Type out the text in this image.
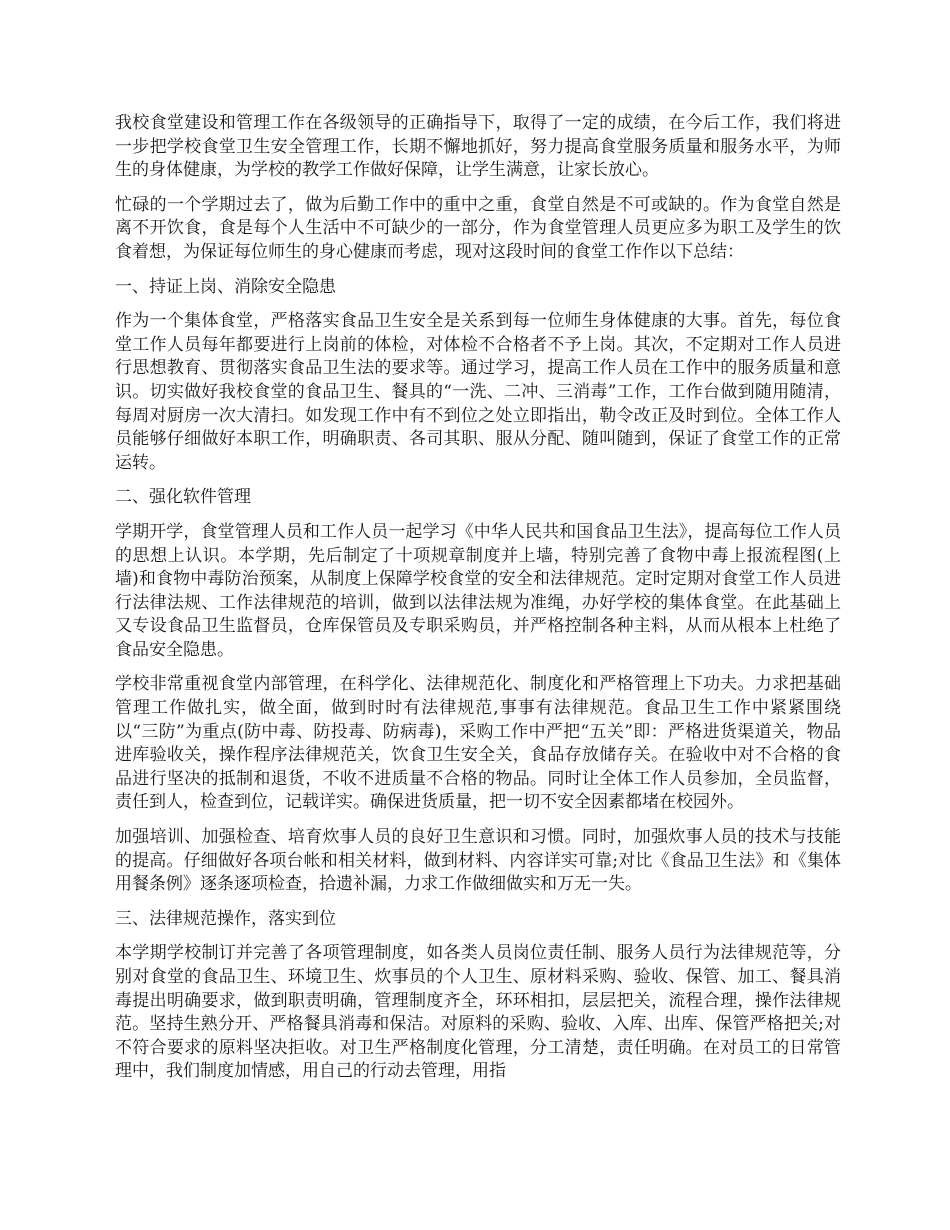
我校食堂建设和管理工作在各级领导的正确指导下，取得了一定的成绩，在今后工作，我们将进一步把学校食堂卫生安全管理工作，长期不懈地抓好，努力提高食堂服务质量和服务水平，为师生的身体健康，为学校的教学工作做好保障，让学生满意，让家长放心。

忙碌的一个学期过去了，做为后勤工作中的重中之重，食堂自然是不可或缺的。作为食堂自然是离不开饮食，食是每个人生活中不可缺少的一部分，作为食堂管理人员更应多为职工及学生的饮食着想，为保证每位师生的身心健康而考虑，现对这段时间的食堂工作作以下总结：

一、持证上岗、消除安全隐患

作为一个集体食堂，严格落实食品卫生安全是关系到每一位师生身体健康的大事。首先，每位食堂工作人员每年都要进行上岗前的体检，对体检不合格者不予上岗。其次，不定期对工作人员进行思想教育、贯彻落实食品卫生法的要求等。通过学习，提高工作人员在工作中的服务质量和意识。切实做好我校食堂的食品卫生、餐具的“一洗、二冲、三消毒”工作，工作台做到随用随清，每周对厨房一次大清扫。如发现工作中有不到位之处立即指出，勒令改正及时到位。全体工作人员能够仔细做好本职工作，明确职责、各司其职、服从分配、随叫随到，保证了食堂工作的正常运转。

二、强化软件管理

学期开学，食堂管理人员和工作人员一起学习《中华人民共和国食品卫生法》，提高每位工作人员的思想上认识。本学期，先后制定了十项规章制度并上墙，特别完善了食物中毒上报流程图(上墙)和食物中毒防治预案，从制度上保障学校食堂的安全和法律规范。定时定期对食堂工作人员进行法律法规、工作法律规范的培训，做到以法律法规为准绳，办好学校的集体食堂。在此基础上又专设食品卫生监督员，仓库保管员及专职采购员，并严格控制各种主料，从而从根本上杜绝了食品安全隐患。

学校非常重视食堂内部管理，在科学化、法律规范化、制度化和严格管理上下功夫。力求把基础管理工作做扎实，做全面，做到时时有法律规范,事事有法律规范。食品卫生工作中紧紧围绕以“三防”为重点(防中毒、防投毒、防病毒)，采购工作中严把“五关”即：严格进货渠道关，物品进库验收关，操作程序法律规范关，饮食卫生安全关，食品存放储存关。在验收中对不合格的食品进行坚决的抵制和退货，不收不进质量不合格的物品。同时让全体工作人员参加，全员监督，责任到人，检查到位，记载详实。确保进货质量，把一切不安全因素都堵在校园外。

加强培训、加强检查、培育炊事人员的良好卫生意识和习惯。同时，加强炊事人员的技术与技能的提高。仔细做好各项台帐和相关材料，做到材料、内容详实可靠;对比《食品卫生法》和《集体用餐条例》逐条逐项检查，拾遗补漏，力求工作做细做实和万无一失。

三、法律规范操作，落实到位

本学期学校制订并完善了各项管理制度，如各类人员岗位责任制、服务人员行为法律规范等，分别对食堂的食品卫生、环境卫生、炊事员的个人卫生、原材料采购、验收、保管、加工、餐具消毒提出明确要求，做到职责明确，管理制度齐全，环环相扣，层层把关，流程合理，操作法律规范。坚持生熟分开、严格餐具消毒和保洁。对原料的采购、验收、入库、出库、保管严格把关;对不符合要求的原料坚决拒收。对卫生严格制度化管理，分工清楚，责任明确。在对员工的日常管理中，我们制度加情感，用自己的行动去管理，用指
